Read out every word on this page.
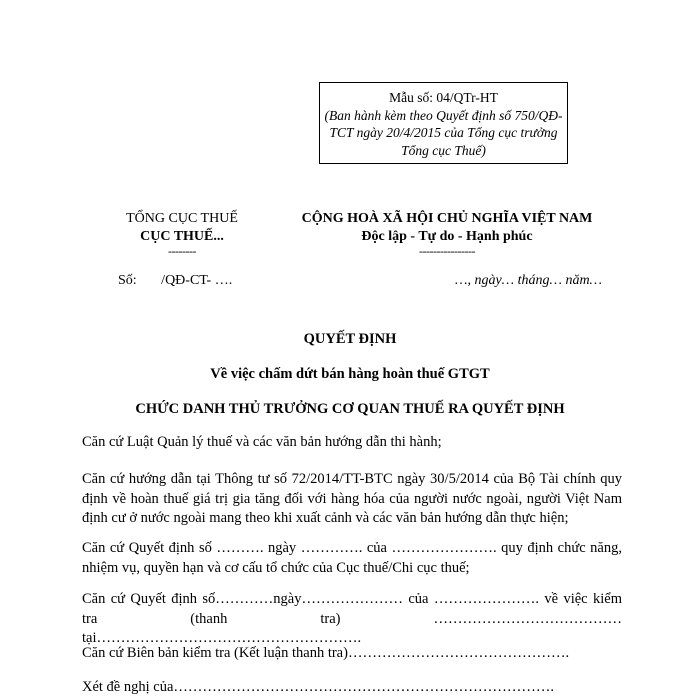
Mẫu số: 04/QTr-HT
(Ban hành kèm theo Quyết định số 750/QĐ-TCT ngày 20/4/2015 của Tổng cục trưởng Tổng cục Thuế)
TỔNG CỤC THUẾ
CỤC THUẾ...
--------
CỘNG HOÀ XÃ HỘI CHỦ NGHĨA VIỆT NAM
Độc lập - Tự do - Hạnh phúc
----------------
Số:       /QĐ-CT- ….	…, ngày… tháng… năm…
QUYẾT ĐỊNH
Về việc chấm dứt bán hàng hoàn thuế GTGT
CHỨC DANH THỦ TRƯỞNG CƠ QUAN THUẾ RA QUYẾT ĐỊNH
Căn cứ Luật Quản lý thuế và các văn bản hướng dẫn thi hành;
Căn cứ hướng dẫn tại Thông tư số 72/2014/TT-BTC ngày 30/5/2014 của Bộ Tài chính quy định về hoàn thuế giá trị gia tăng đối với hàng hóa của người nước ngoài, người Việt Nam định cư ở nước ngoài mang theo khi xuất cảnh và các văn bản hướng dẫn thực hiện;
Căn cứ Quyết định số ………. ngày …………. của …………………. quy định chức năng, nhiệm vụ, quyền hạn và cơ cấu tổ chức của Cục thuế/Chi cục thuế;
Căn cứ Quyết định số…………ngày………………… của …………………. về việc kiểm tra (thanh tra) ………………………………… tại……………………………………………….
Căn cứ Biên bản kiểm tra (Kết luận thanh tra)……………………………………….
Xét đề nghị của…………………………………………………………………….
